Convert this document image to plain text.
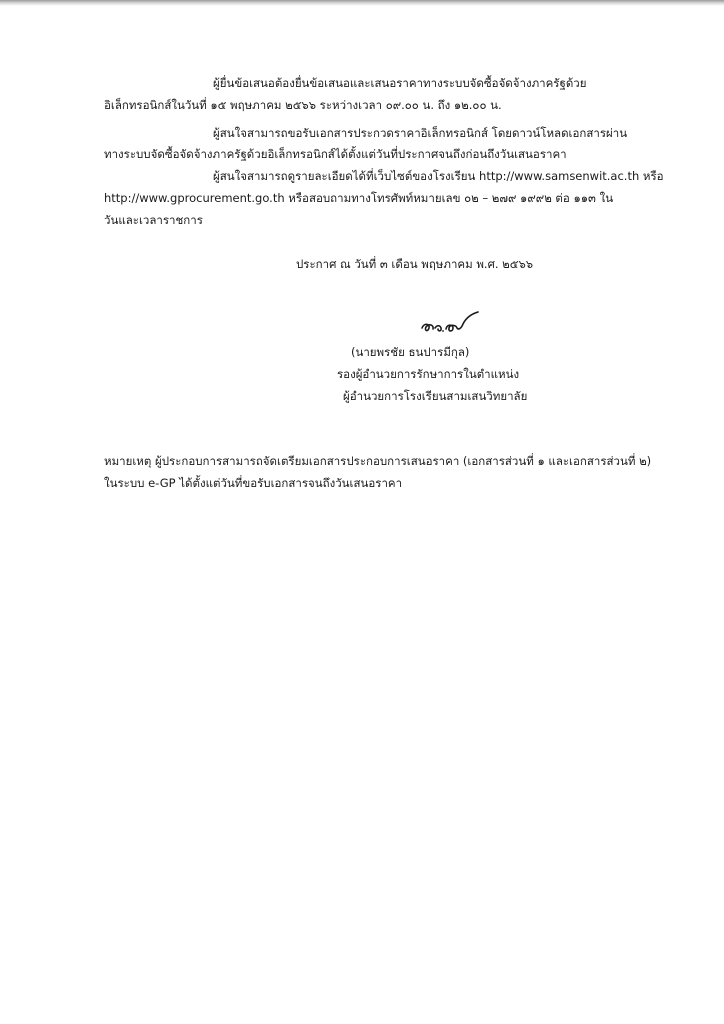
ผู้ยื่นข้อเสนอต้องยื่นข้อเสนอและเสนอราคาทางระบบจัดซื้อจัดจ้างภาครัฐด้วย
อิเล็กทรอนิกส์ในวันที่ ๑๕ พฤษภาคม ๒๕๖๖ ระหว่างเวลา ๐๙.๐๐ น. ถึง ๑๒.๐๐ น.
ผู้สนใจสามารถขอรับเอกสารประกวดราคาอิเล็กทรอนิกส์ โดยดาวน์โหลดเอกสารผ่าน
ทางระบบจัดซื้อจัดจ้างภาครัฐด้วยอิเล็กทรอนิกส์ได้ตั้งแต่วันที่ประกาศจนถึงก่อนถึงวันเสนอราคา
ผู้สนใจสามารถดูรายละเอียดได้ที่เว็บไซต์ของโรงเรียน http://www.samsenwit.ac.th หรือ
http://www.gprocurement.go.th หรือสอบถามทางโทรศัพท์หมายเลข ๐๒ – ๒๗๙ ๑๙๙๒ ต่อ ๑๑๓ ใน
วันและเวลาราชการ
ประกาศ ณ วันที่ ๓ เดือน พฤษภาคม พ.ศ. ๒๕๖๖
(นายพรชัย ธนปารมีกุล)
รองผู้อำนวยการรักษาการในตำแหน่ง
ผู้อำนวยการโรงเรียนสามเสนวิทยาลัย
หมายเหตุ ผู้ประกอบการสามารถจัดเตรียมเอกสารประกอบการเสนอราคา (เอกสารส่วนที่ ๑ และเอกสารส่วนที่ ๒)
ในระบบ e-GP ได้ตั้งแต่วันที่ขอรับเอกสารจนถึงวันเสนอราคา
